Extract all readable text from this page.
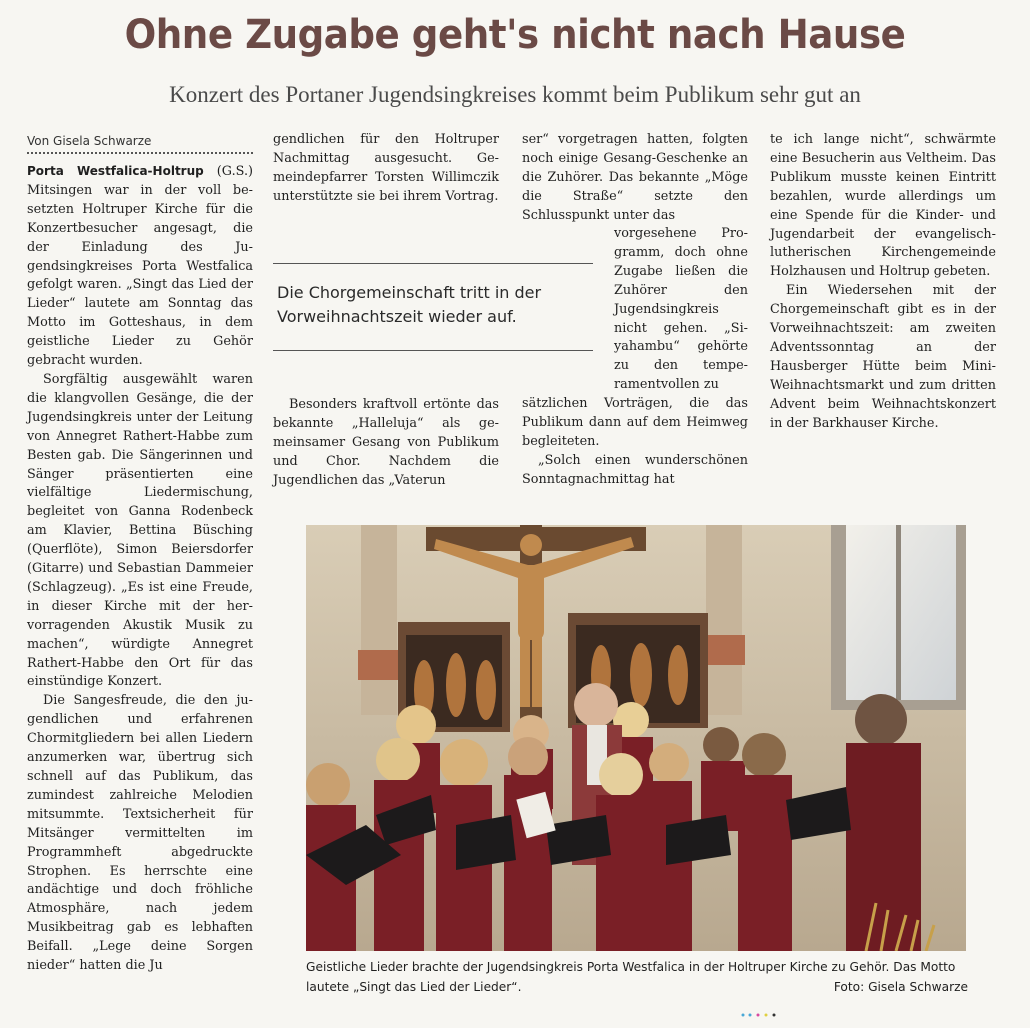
Ohne Zugabe geht's nicht nach Hause
Konzert des Portaner Jugendsingkreises kommt beim Publikum sehr gut an
Von Gisela Schwarze

Porta Westfalica-Holtrup (G.S.) Mitsingen war in der voll besetzten Holtruper Kirche für die Konzertbesucher angesagt, die der Einladung des Jugendsingkreises Porta Westfalica gefolgt waren. „Singt das Lied der Lieder“ lautete am Sonntag das Motto im Gotteshaus, in dem geistliche Lieder zu Gehör gebracht wurden.

Sorgfältig ausgewählt waren die klangvollen Gesänge, die der Jugendsingkreis unter der Leitung von Annegret Rathert-Habbe zum Besten gab. Die Sängerinnen und Sänger präsentierten eine vielfältige Liedermischung, begleitet von Ganna Rodenbeck am Klavier, Bettina Büsching (Querflöte), Simon Beiersdorfer (Gitarre) und Sebastian Dammeier (Schlagzeug). „Es ist eine Freude, in dieser Kirche mit der hervorragenden Akustik Musik zu machen“, würdigte Annegret Rathert-Habbe den Ort für das einstündige Konzert.

Die Sangesfreude, die den jugendlichen und erfahrenen Chormitgliedern bei allen Liedern anzumerken war, übertrug sich schnell auf das Publikum, das zumindest zahlreiche Melodien mitsummte. Textsicherheit für Mitsänger vermittelten im Programmheft abgedruckte Strophen. Es herrschte eine andächtige und doch fröhliche Atmosphäre, nach jedem Musikbeitrag gab es lebhaften Beifall. „Lege deine Sorgen nieder“ hatten die Ju

gendlichen für den Holtruper Nachmittag ausgesucht. Gemeindepfarrer Torsten Willimczik unterstützte sie bei ihrem Vortrag.

Die Chorgemeinschaft tritt in der Vorweihnachtszeit wieder auf.

Besonders kraftvoll ertönte das bekannte „Halleluja“ als gemeinsamer Gesang von Publikum und Chor. Nachdem die Jugendlichen das „Vaterun

ser“ vorgetragen hatten, folgten noch einige Gesang-Geschenke an die Zuhörer. Das bekannte „Möge die Straße“ setzte den Schlusspunkt unter das

vorgesehene Programm, doch ohne Zugabe ließen die Zuhörer den Jugendsingkreis nicht gehen. „Siyahambu“ gehörte zu den temperamentvollen zu

sätzlichen Vorträgen, die das Publikum dann auf dem Heimweg begleiteten.

„Solch einen wunderschönen Sonntagnachmittag hat

te ich lange nicht“, schwärmte eine Besucherin aus Veltheim. Das Publikum musste keinen Eintritt bezahlen, wurde allerdings um eine Spende für die Kinder- und Jugendarbeit der evangelisch-lutherischen Kirchengemeinde Holzhausen und Holtrup gebeten.

Ein Wiedersehen mit der Chorgemeinschaft gibt es in der Vorweihnachtszeit: am zweiten Adventssonntag an der Hausberger Hütte beim Mini-Weihnachtsmarkt und zum dritten Advent beim Weihnachtskonzert in der Barkhauser Kirche.

Geistliche Lieder brachte der Jugendsingkreis Porta Westfalica in der Holtruper Kirche zu Gehör. Das Motto lautete „Singt das Lied der Lieder“.	Foto: Gisela Schwarze
